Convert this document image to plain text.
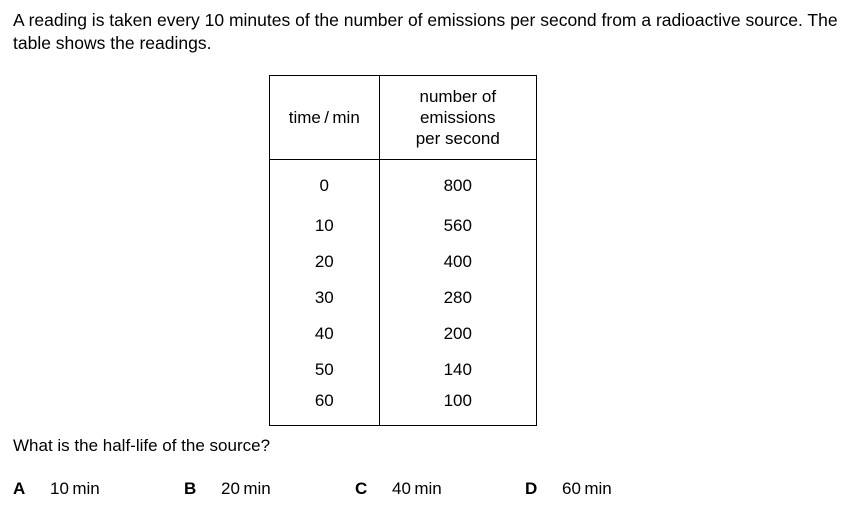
A reading is taken every 10 minutes of the number of emissions per second from a radioactive source. The table shows the readings.

time / min	number of
emissions
per second
0	800
10	560
20	400
30	280
40	200
50	140
60	100

What is the half-life of the source?

A 10 min	B 20 min	C 40 min	D 60 min
